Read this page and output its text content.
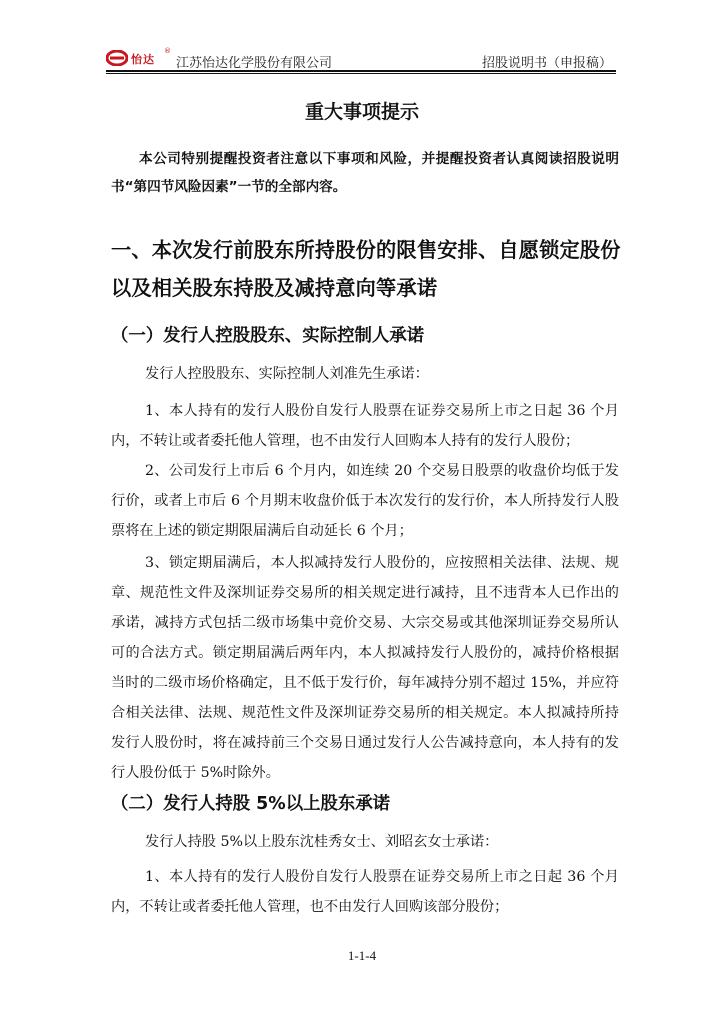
怡达
®
江苏怡达化学股份有限公司	招股说明书（申报稿）
重大事项提示
本公司特别提醒投资者注意以下事项和风险，并提醒投资者认真阅读招股说明书“第四节风险因素”一节的全部内容。
一、本次发行前股东所持股份的限售安排、自愿锁定股份以及相关股东持股及减持意向等承诺
（一）发行人控股股东、实际控制人承诺
发行人控股股东、实际控制人刘准先生承诺：
1、本人持有的发行人股份自发行人股票在证券交易所上市之日起 36 个月内，不转让或者委托他人管理，也不由发行人回购本人持有的发行人股份；
2、公司发行上市后 6 个月内，如连续 20 个交易日股票的收盘价均低于发行价，或者上市后 6 个月期末收盘价低于本次发行的发行价，本人所持发行人股票将在上述的锁定期限届满后自动延长 6 个月；
3、锁定期届满后，本人拟减持发行人股份的，应按照相关法律、法规、规章、规范性文件及深圳证券交易所的相关规定进行减持，且不违背本人已作出的承诺，减持方式包括二级市场集中竞价交易、大宗交易或其他深圳证券交易所认可的合法方式。锁定期届满后两年内，本人拟减持发行人股份的，减持价格根据当时的二级市场价格确定，且不低于发行价，每年减持分别不超过 15%，并应符合相关法律、法规、规范性文件及深圳证券交易所的相关规定。本人拟减持所持发行人股份时，将在减持前三个交易日通过发行人公告减持意向，本人持有的发行人股份低于 5%时除外。
（二）发行人持股 5%以上股东承诺
发行人持股 5%以上股东沈桂秀女士、刘昭玄女士承诺：
1、本人持有的发行人股份自发行人股票在证券交易所上市之日起 36 个月内，不转让或者委托他人管理，也不由发行人回购该部分股份；
1-1-4
